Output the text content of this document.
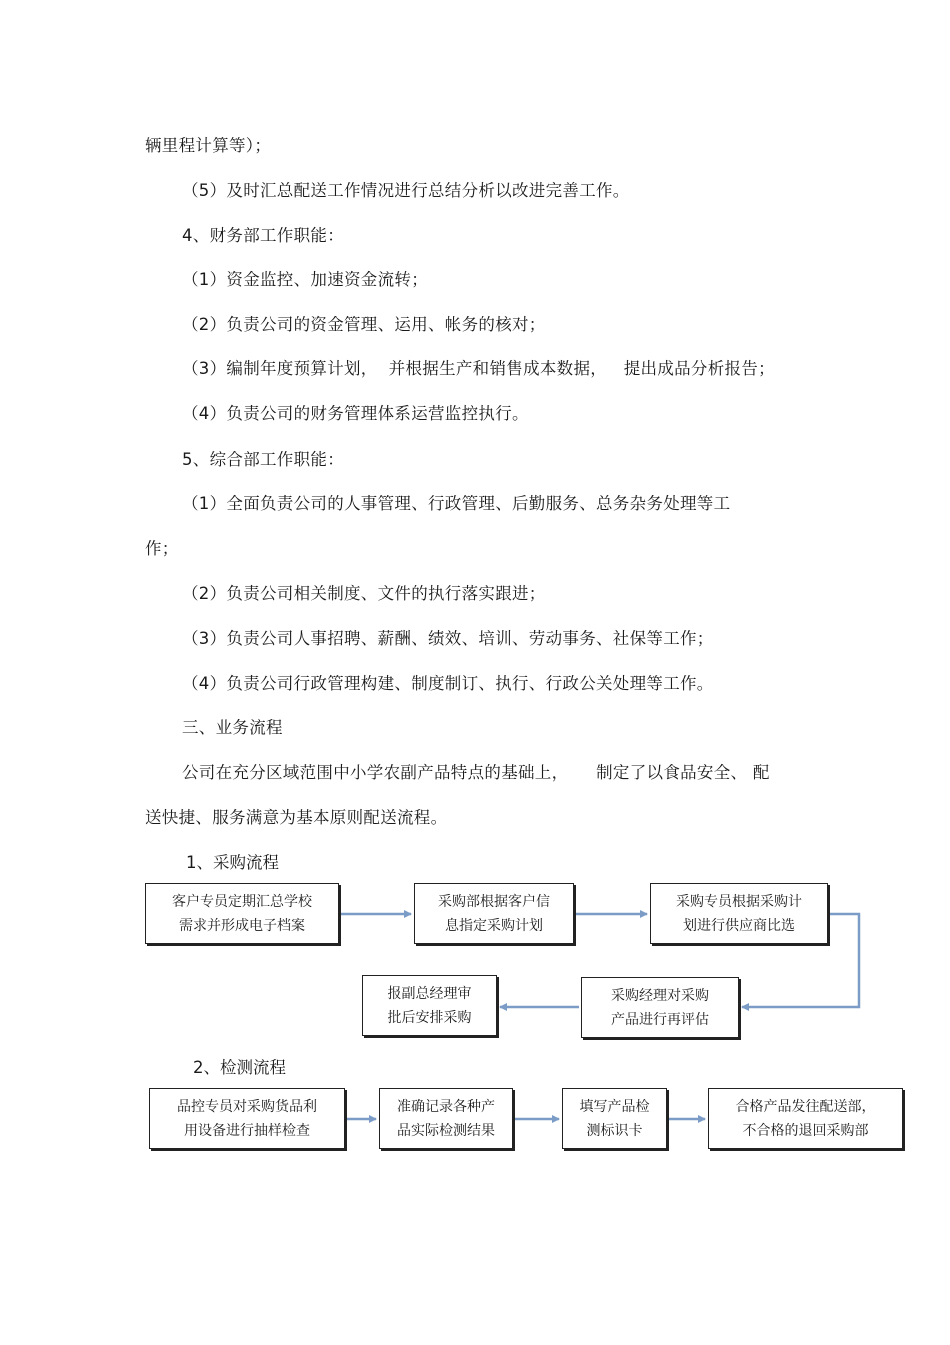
辆里程计算等）；
（5）及时汇总配送工作情况进行总结分析以改进完善工作。
4、财务部工作职能：
（1）资金监控、加速资金流转；
（2）负责公司的资金管理、运用、帐务的核对；
（3）编制年度预算计划，  并根据生产和销售成本数据，   提出成品分析报告；
（4）负责公司的财务管理体系运营监控执行。
5、综合部工作职能：
（1）全面负责公司的人事管理、行政管理、后勤服务、总务杂务处理等工
作；
（2）负责公司相关制度、文件的执行落实跟进；
（3）负责公司人事招聘、薪酬、绩效、培训、劳动事务、社保等工作；
（4）负责公司行政管理构建、制度制订、执行、行政公关处理等工作。
三、业务流程
公司在充分区域范围中小学农副产品特点的基础上，     制定了以食品安全、 配
送快捷、服务满意为基本原则配送流程。
1、采购流程
客户专员定期汇总学校
需求并形成电子档案
采购部根据客户信
息指定采购计划
采购专员根据采购计
划进行供应商比选
采购经理对采购
产品进行再评估
报副总经理审
批后安排采购
2、检测流程
品控专员对采购货品利
用设备进行抽样检查
准确记录各种产
品实际检测结果
填写产品检
测标识卡
合格产品发往配送部，
不合格的退回采购部
